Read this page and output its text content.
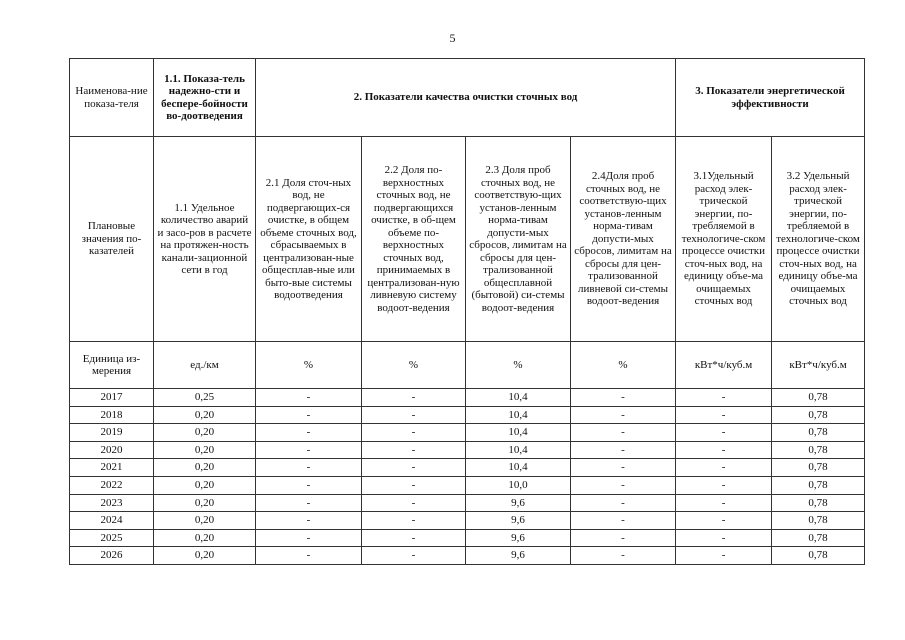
5
Наименова-ние показа-теля	1.1. Показа-тель надежно-сти и беспере-бойности во-доотведения	2. Показатели качества очистки сточных вод				3. Показатели энергетической эффективности	
Плановые значения по-казателей	1.1 Удельное количество аварий и засо-ров в расчете на протяжен-ность канали-зационной сети в год	2.1 Доля сточ-ных вод, не подвергающих-ся очистке, в общем объеме сточных вод, сбрасываемых в централизован-ные общесплав-ные или быто-вые системы водоотведения	2.2 Доля по-верхностных сточных вод, не подвергающихся очистке, в об-щем объеме по-верхностных сточных вод, принимаемых в централизован-ную ливневую систему водоот-ведения	2.3 Доля проб сточных вод, не соответствую-щих установ-ленным норма-тивам допусти-мых сбросов, лимитам на сбросы для цен-трализованной общесплавной (бытовой) си-стемы водоот-ведения	2.4Доля проб сточных вод, не соответствую-щих установ-ленным норма-тивам допусти-мых сбросов, лимитам на сбросы для цен-трализованной ливневой си-стемы водоот-ведения	3.1Удельный расход элек-трической энергии, по-требляемой в технологиче-ском процессе очистки сточ-ных вод, на единицу объе-ма очищаемых сточных вод	3.2 Удельный расход элек-трической энергии, по-требляемой в технологиче-ском процессе очистки сточ-ных вод, на единицу объе-ма очищаемых сточных вод
Единица из-мерения	ед./км	%	%	%	%	кВт*ч/куб.м	кВт*ч/куб.м
2017	0,25	-	-	10,4	-	-	0,78
2018	0,20	-	-	10,4	-	-	0,78
2019	0,20	-	-	10,4	-	-	0,78
2020	0,20	-	-	10,4	-	-	0,78
2021	0,20	-	-	10,4	-	-	0,78
2022	0,20	-	-	10,0	-	-	0,78
2023	0,20	-	-	9,6	-	-	0,78
2024	0,20	-	-	9,6	-	-	0,78
2025	0,20	-	-	9,6	-	-	0,78
2026	0,20	-	-	9,6	-	-	0,78
